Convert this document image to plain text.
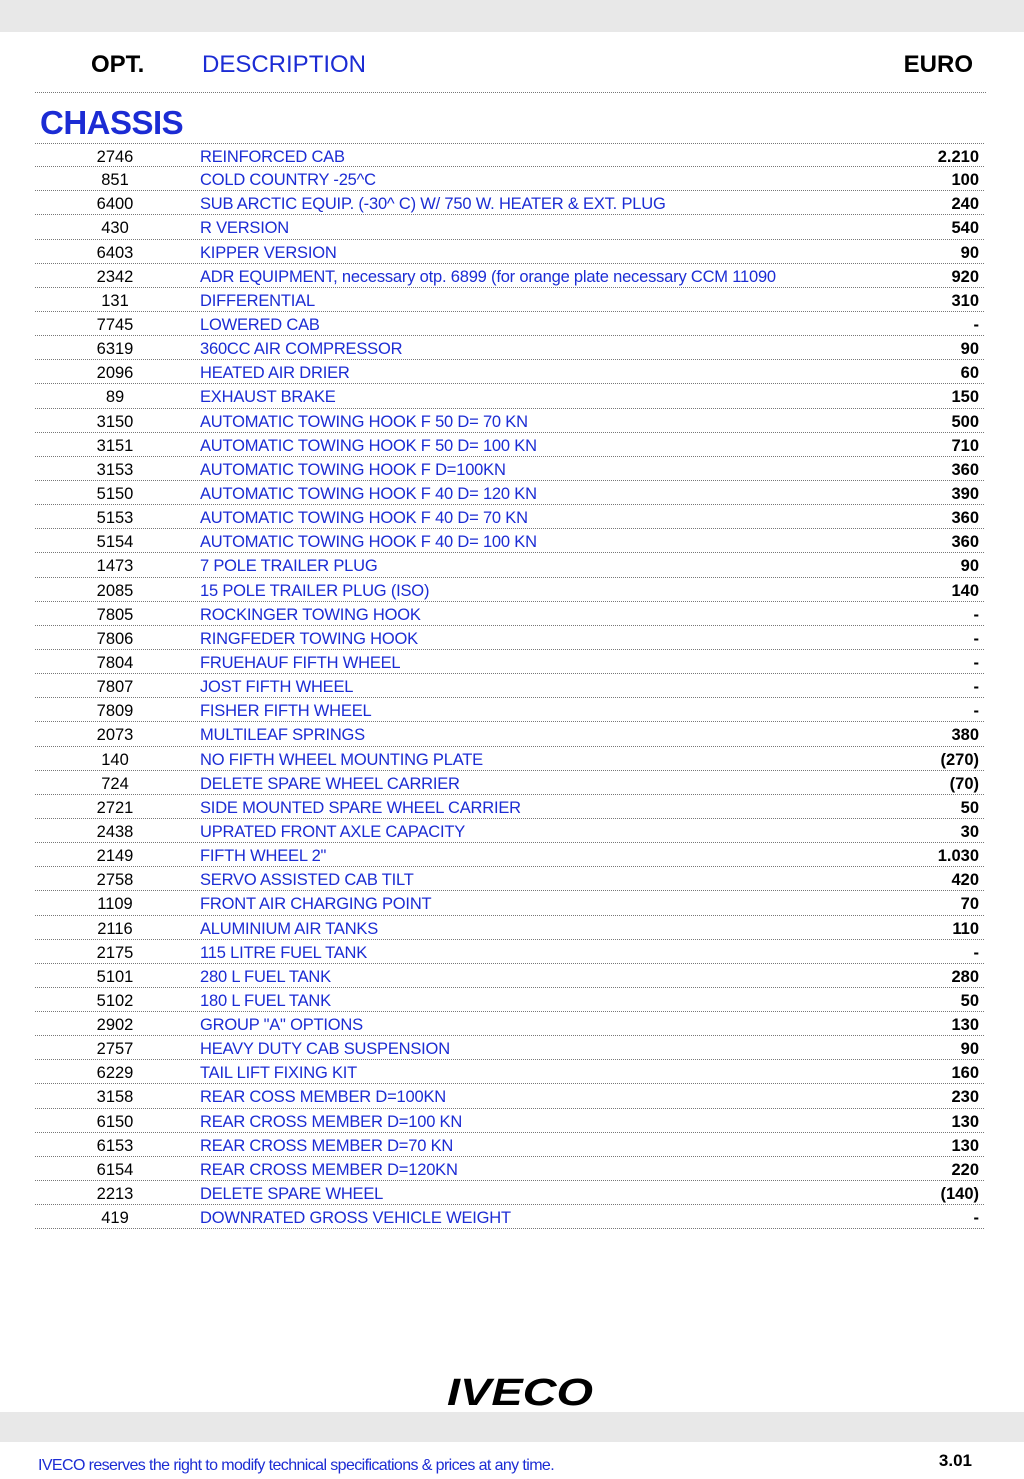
OPT. DESCRIPTION	EURO
CHASSIS
2746	REINFORCED CAB	2.210
851	COLD COUNTRY -25^C	100
6400	SUB ARCTIC EQUIP. (-30^ C) W/ 750 W. HEATER & EXT. PLUG	240
430	R VERSION	540
6403	KIPPER VERSION	90
2342	ADR EQUIPMENT, necessary otp. 6899 (for orange plate necessary CCM 11090	920
131	DIFFERENTIAL	310
7745	LOWERED CAB	-
6319	360CC AIR COMPRESSOR	90
2096	HEATED AIR DRIER	60
89	EXHAUST BRAKE	150
3150	AUTOMATIC TOWING HOOK F 50 D= 70 KN	500
3151	AUTOMATIC TOWING HOOK F 50 D= 100 KN	710
3153	AUTOMATIC TOWING HOOK F D=100KN	360
5150	AUTOMATIC TOWING HOOK F 40 D= 120 KN	390
5153	AUTOMATIC TOWING HOOK F 40 D= 70 KN	360
5154	AUTOMATIC TOWING HOOK F 40 D= 100 KN	360
1473	7 POLE TRAILER PLUG	90
2085	15 POLE TRAILER PLUG (ISO)	140
7805	ROCKINGER TOWING HOOK	-
7806	RINGFEDER TOWING HOOK	-
7804	FRUEHAUF FIFTH WHEEL	-
7807	JOST FIFTH WHEEL	-
7809	FISHER FIFTH WHEEL	-
2073	MULTILEAF SPRINGS	380
140	NO FIFTH WHEEL MOUNTING PLATE	(270)
724	DELETE SPARE WHEEL CARRIER	(70)
2721	SIDE MOUNTED SPARE WHEEL CARRIER	50
2438	UPRATED FRONT AXLE CAPACITY	30
2149	FIFTH WHEEL 2"	1.030
2758	SERVO ASSISTED CAB TILT	420
1109	FRONT AIR CHARGING POINT	70
2116	ALUMINIUM AIR TANKS	110
2175	115 LITRE FUEL TANK	-
5101	280 L FUEL TANK	280
5102	180 L FUEL TANK	50
2902	GROUP "A" OPTIONS	130
2757	HEAVY DUTY CAB SUSPENSION	90
6229	TAIL LIFT FIXING KIT	160
3158	REAR COSS MEMBER D=100KN	230
6150	REAR CROSS MEMBER D=100 KN	130
6153	REAR CROSS MEMBER D=70 KN	130
6154	REAR CROSS MEMBER D=120KN	220
2213	DELETE SPARE WHEEL	(140)
419	DOWNRATED GROSS VEHICLE WEIGHT	-
IVECO
IVECO reserves the right to modify technical specifications & prices at any time.	3.01
